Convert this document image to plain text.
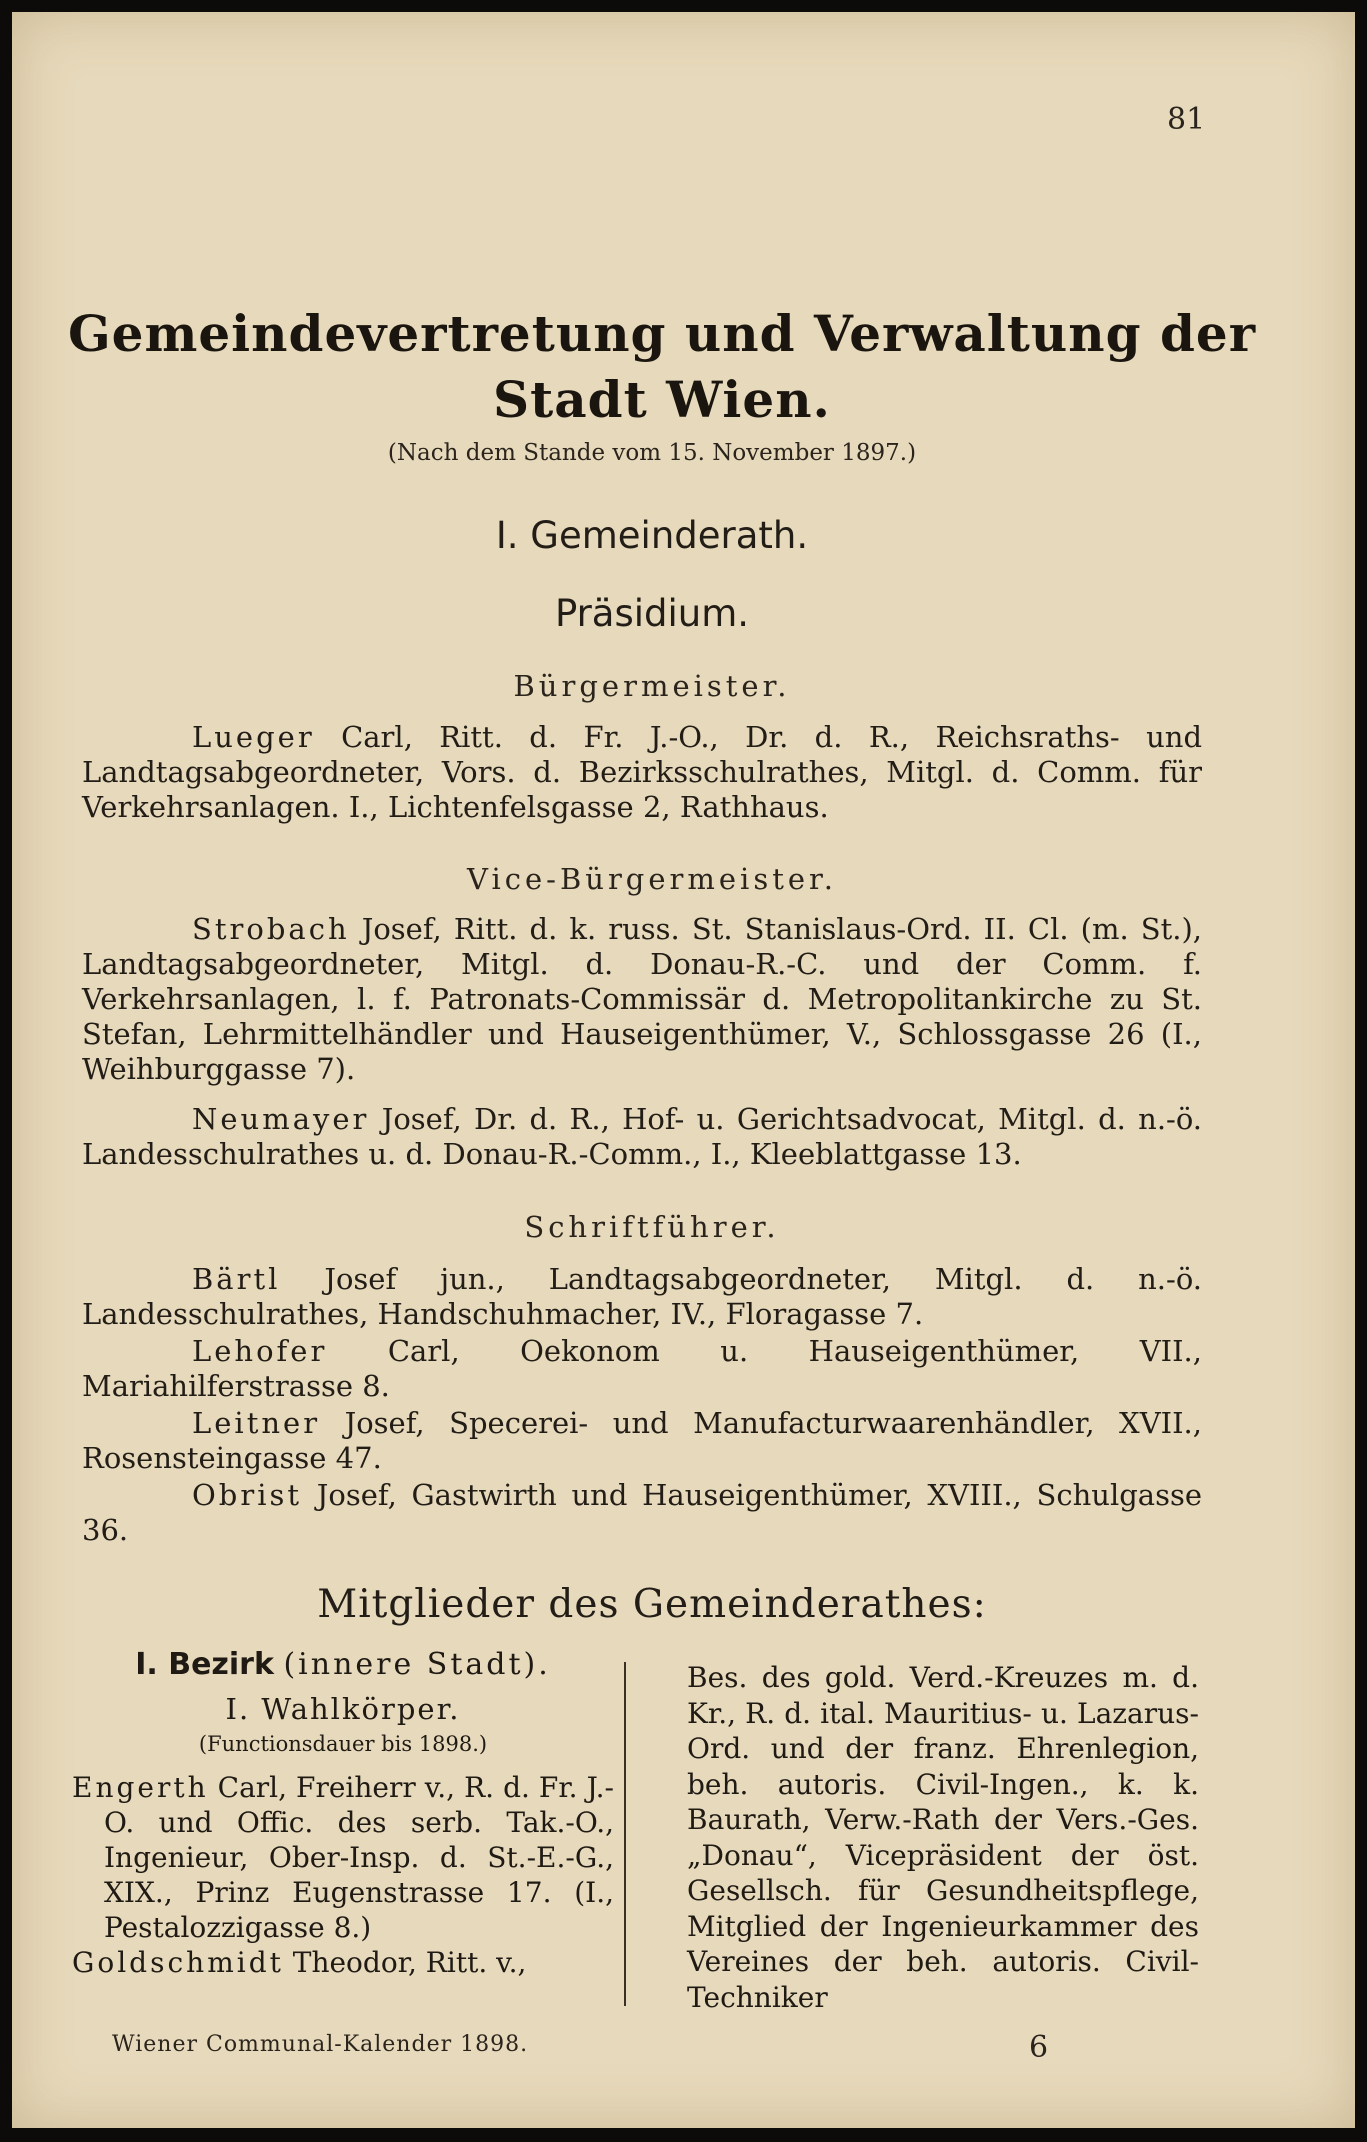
81
Gemeindevertretung und Verwaltung der
Stadt Wien.
(Nach dem Stande vom 15. November 1897.)
I. Gemeinderath.
Präsidium.
Bürgermeister.
Lueger Carl, Ritt. d. Fr. J.-O., Dr. d. R., Reichsraths- und Landtagsabgeordneter, Vors. d. Bezirksschulrathes, Mitgl. d. Comm. für Verkehrsanlagen. I., Lichtenfelsgasse 2, Rathhaus.
Vice-Bürgermeister.
Strobach Josef, Ritt. d. k. russ. St. Stanislaus-Ord. II. Cl. (m. St.), Landtagsabgeordneter, Mitgl. d. Donau-R.-C. und der Comm. f. Verkehrsanlagen, l. f. Patronats-Commissär d. Metropolitankirche zu St. Stefan, Lehrmittelhändler und Hauseigenthümer, V., Schlossgasse 26 (I., Weihburggasse 7).
Neumayer Josef, Dr. d. R., Hof- u. Gerichtsadvocat, Mitgl. d. n.-ö. Landesschulrathes u. d. Donau-R.-Comm., I., Kleeblattgasse 13.
Schriftführer.
Bärtl Josef jun., Landtagsabgeordneter, Mitgl. d. n.-ö. Landesschulrathes, Handschuhmacher, IV., Floragasse 7.
Lehofer Carl, Oekonom u. Hauseigenthümer, VII., Mariahilferstrasse 8.
Leitner Josef, Specerei- und Manufacturwaarenhändler, XVII., Rosensteingasse 47.
Obrist Josef, Gastwirth und Hauseigenthümer, XVIII., Schulgasse 36.
Mitglieder des Gemeinderathes:
I. Bezirk (innere Stadt).
I. Wahlkörper.
(Functionsdauer bis 1898.)
Engerth Carl, Freiherr v., R. d. Fr. J.-O. und Offic. des serb. Tak.-O., Ingenieur, Ober-Insp. d. St.-E.-G., XIX., Prinz Eugenstrasse 17. (I., Pestalozzigasse 8.)
Goldschmidt Theodor, Ritt. v.,
Bes. des gold. Verd.-Kreuzes m. d. Kr., R. d. ital. Mauritius- u. Lazarus-Ord. und der franz. Ehrenlegion, beh. autoris. Civil-Ingen., k. k. Baurath, Verw.-Rath der Vers.-Ges. „Donau“, Vicepräsident der öst. Gesellsch. für Gesundheitspflege, Mitglied der Ingenieurkammer des Vereines der beh. autoris. Civil-Techniker
Wiener Communal-Kalender 1898.	6
